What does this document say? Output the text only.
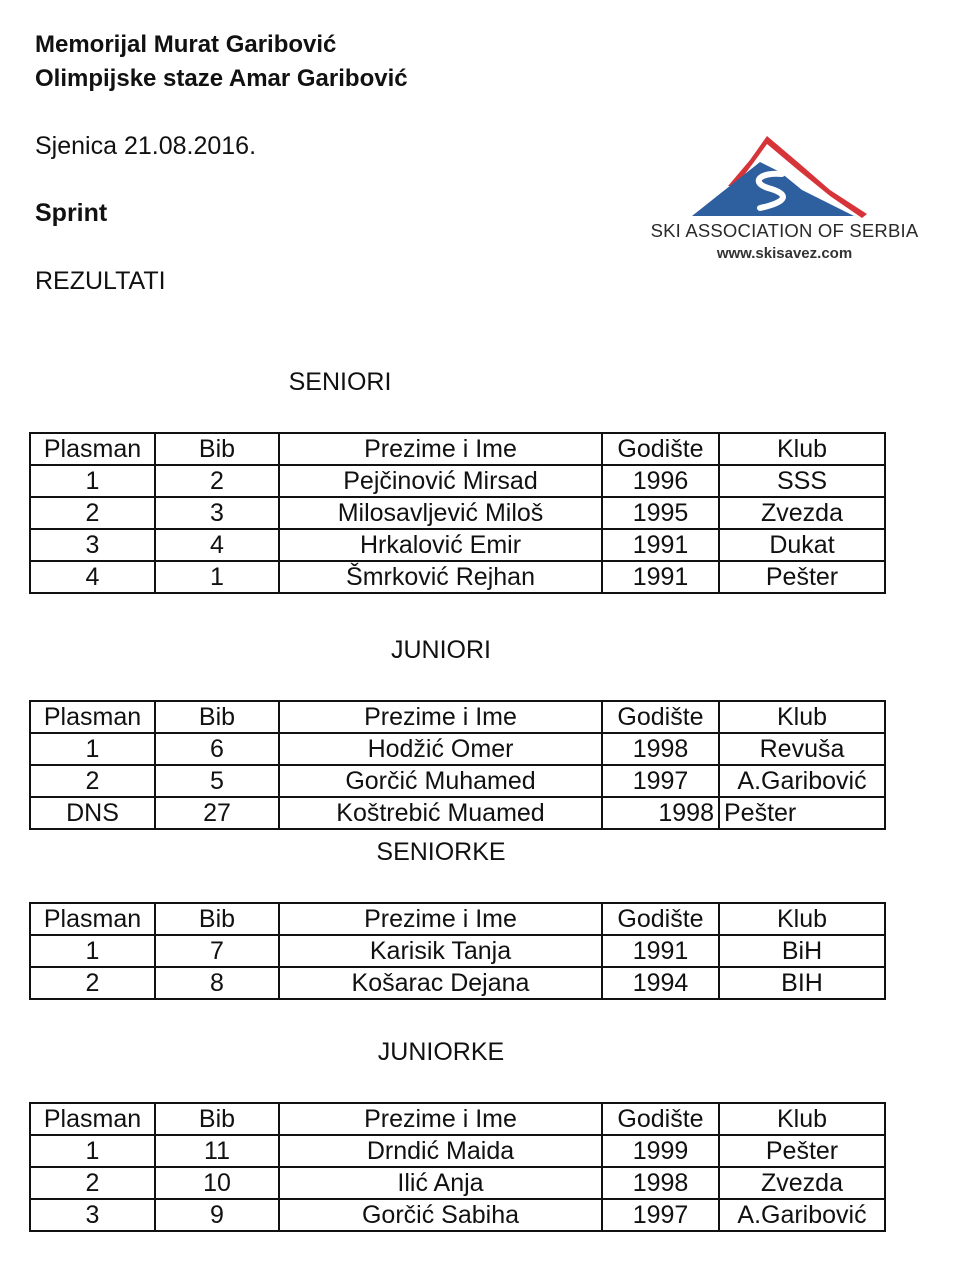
Memorijal Murat Garibović
Olimpijske staze Amar Garibović
Sjenica 21.08.2016.
Sprint
REZULTATI
SKI ASSOCIATION OF SERBIA
www.skisavez.com
SENIORI
Plasman	Bib	Prezime i Ime	Godište	Klub
1	2	Pejčinović Mirsad	1996	SSS
2	3	Milosavljević Miloš	1995	Zvezda
3	4	Hrkalović Emir	1991	Dukat
4	1	Šmrković Rejhan	1991	Pešter
JUNIORI
Plasman	Bib	Prezime i Ime	Godište	Klub
1	6	Hodžić Omer	1998	Revuša
2	5	Gorčić Muhamed	1997	A.Garibović
DNS	27	Koštrebić Muamed	1998	Pešter
SENIORKE
Plasman	Bib	Prezime i Ime	Godište	Klub
1	7	Karisik Tanja	1991	BiH
2	8	Košarac Dejana	1994	BIH
JUNIORKE
Plasman	Bib	Prezime i Ime	Godište	Klub
1	11	Drndić Maida	1999	Pešter
2	10	Ilić Anja	1998	Zvezda
3	9	Gorčić Sabiha	1997	A.Garibović
